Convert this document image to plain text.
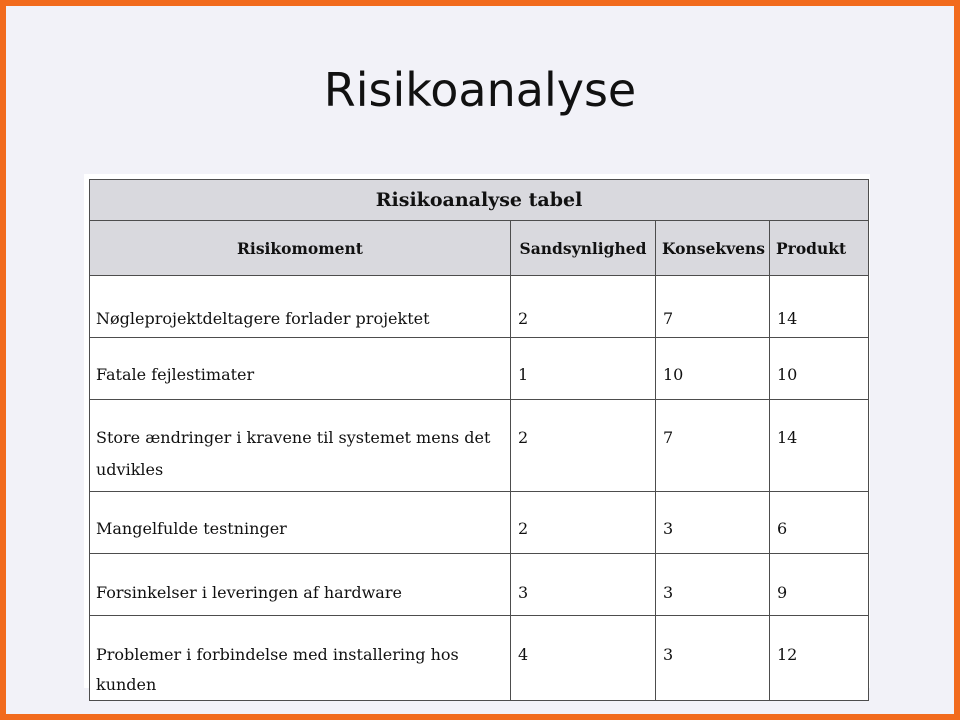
Risikoanalyse
Risikoanalyse tabel			
Risikomoment	Sandsynlighed	Konsekvens	Produkt
Nøgleprojektdeltagere forlader projektet	2	7	14
Fatale fejlestimater	1	10	10
Store ændringer i kravene til systemet mens det udvikles	2	7	14
Mangelfulde testninger	2	3	6
Forsinkelser i leveringen af hardware	3	3	9
Problemer i forbindelse med installering hos kunden	4	3	12
